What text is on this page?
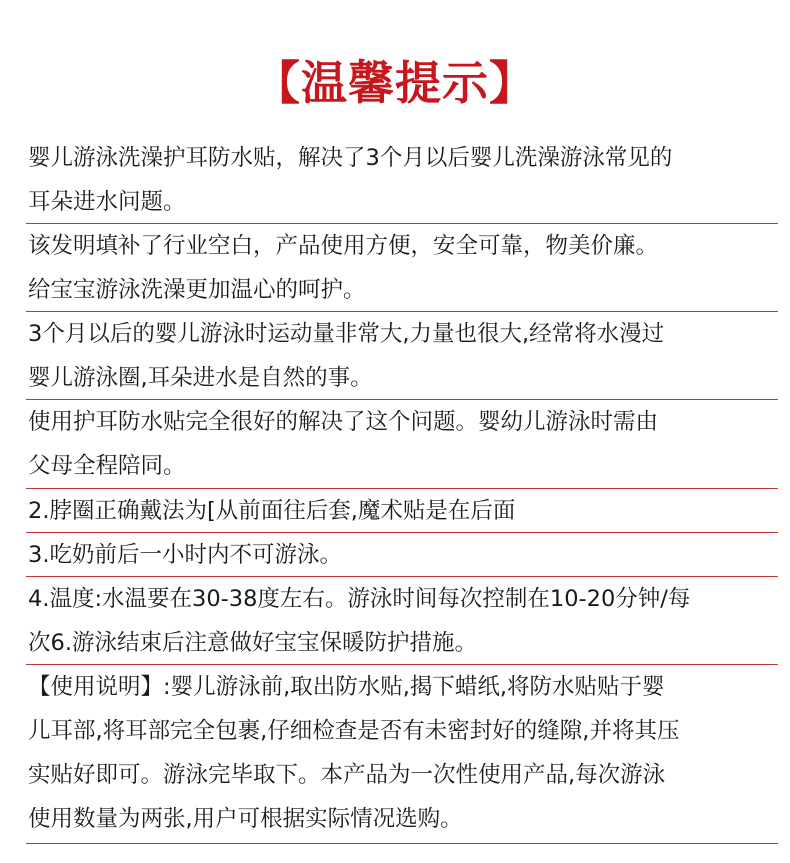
【温馨提示】
婴儿游泳洗澡护耳防水贴，解决了3个月以后婴儿洗澡游泳常见的
耳朵进水问题。
该发明填补了行业空白，产品使用方便，安全可靠，物美价廉。
给宝宝游泳洗澡更加温心的呵护。
3个月以后的婴儿游泳时运动量非常大,力量也很大,经常将水漫过
婴儿游泳圈,耳朵进水是自然的事。
使用护耳防水贴完全很好的解决了这个问题。婴幼儿游泳时需由
父母全程陪同。
2.脖圈正确戴法为[从前面往后套,魔术贴是在后面
3.吃奶前后一小时内不可游泳。
4.温度:水温要在30-38度左右。游泳时间每次控制在10-20分钟/每
次6.游泳结束后注意做好宝宝保暖防护措施。
【使用说明】:婴儿游泳前,取出防水贴,揭下蜡纸,将防水贴贴于婴
儿耳部,将耳部完全包裹,仔细检查是否有未密封好的缝隙,并将其压
实贴好即可。游泳完毕取下。本产品为一次性使用产品,每次游泳
使用数量为两张,用户可根据实际情况选购。
